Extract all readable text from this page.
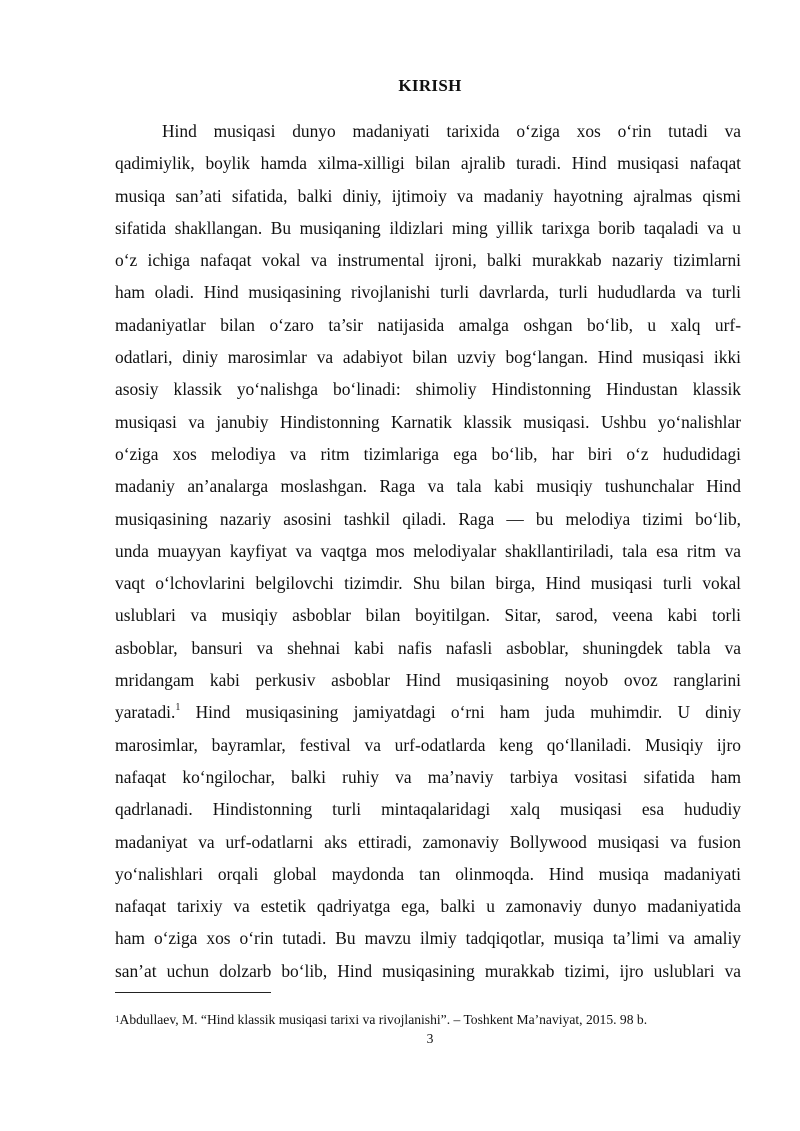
KIRISH
Hind musiqasi dunyo madaniyati tarixida o‘ziga xos o‘rin tutadi va
qadimiylik, boylik hamda xilma-xilligi bilan ajralib turadi. Hind musiqasi nafaqat
musiqa san’ati sifatida, balki diniy, ijtimoiy va madaniy hayotning ajralmas qismi
sifatida shakllangan. Bu musiqaning ildizlari ming yillik tarixga borib taqaladi va u
o‘z ichiga nafaqat vokal va instrumental ijroni, balki murakkab nazariy tizimlarni
ham oladi. Hind musiqasining rivojlanishi turli davrlarda, turli hududlarda va turli
madaniyatlar bilan o‘zaro ta’sir natijasida amalga oshgan bo‘lib, u xalq urf-
odatlari, diniy marosimlar va adabiyot bilan uzviy bog‘langan. Hind musiqasi ikki
asosiy klassik yo‘nalishga bo‘linadi: shimoliy Hindistonning Hindustan klassik
musiqasi va janubiy Hindistonning Karnatik klassik musiqasi. Ushbu yo‘nalishlar
o‘ziga xos melodiya va ritm tizimlariga ega bo‘lib, har biri o‘z hududidagi
madaniy an’analarga moslashgan. Raga va tala kabi musiqiy tushunchalar Hind
musiqasining nazariy asosini tashkil qiladi. Raga — bu melodiya tizimi bo‘lib,
unda muayyan kayfiyat va vaqtga mos melodiyalar shakllantiriladi, tala esa ritm va
vaqt o‘lchovlarini belgilovchi tizimdir. Shu bilan birga, Hind musiqasi turli vokal
uslublari va musiqiy asboblar bilan boyitilgan. Sitar, sarod, veena kabi torli
asboblar, bansuri va shehnai kabi nafis nafasli asboblar, shuningdek tabla va
mridangam kabi perkusiv asboblar Hind musiqasining noyob ovoz ranglarini
yaratadi.$^1$ Hind musiqasining jamiyatdagi o‘rni ham juda muhimdir. U diniy
marosimlar, bayramlar, festival va urf-odatlarda keng qo‘llaniladi. Musiqiy ijro
nafaqat ko‘ngilochar, balki ruhiy va ma’naviy tarbiya vositasi sifatida ham
qadrlanadi. Hindistonning turli mintaqalaridagi xalq musiqasi esa hududiy
madaniyat va urf-odatlarni aks ettiradi, zamonaviy Bollywood musiqasi va fusion
yo‘nalishlari orqali global maydonda tan olinmoqda. Hind musiqa madaniyati
nafaqat tarixiy va estetik qadriyatga ega, balki u zamonaviy dunyo madaniyatida
ham o‘ziga xos o‘rin tutadi. Bu mavzu ilmiy tadqiqotlar, musiqa ta’limi va amaliy
san’at uchun dolzarb bo‘lib, Hind musiqasining murakkab tizimi, ijro uslublari va
$^1$Abdullaev, M. “Hind klassik musiqasi tarixi va rivojlanishi”. – Toshkent Ma’naviyat, 2015. 98 b.
3
